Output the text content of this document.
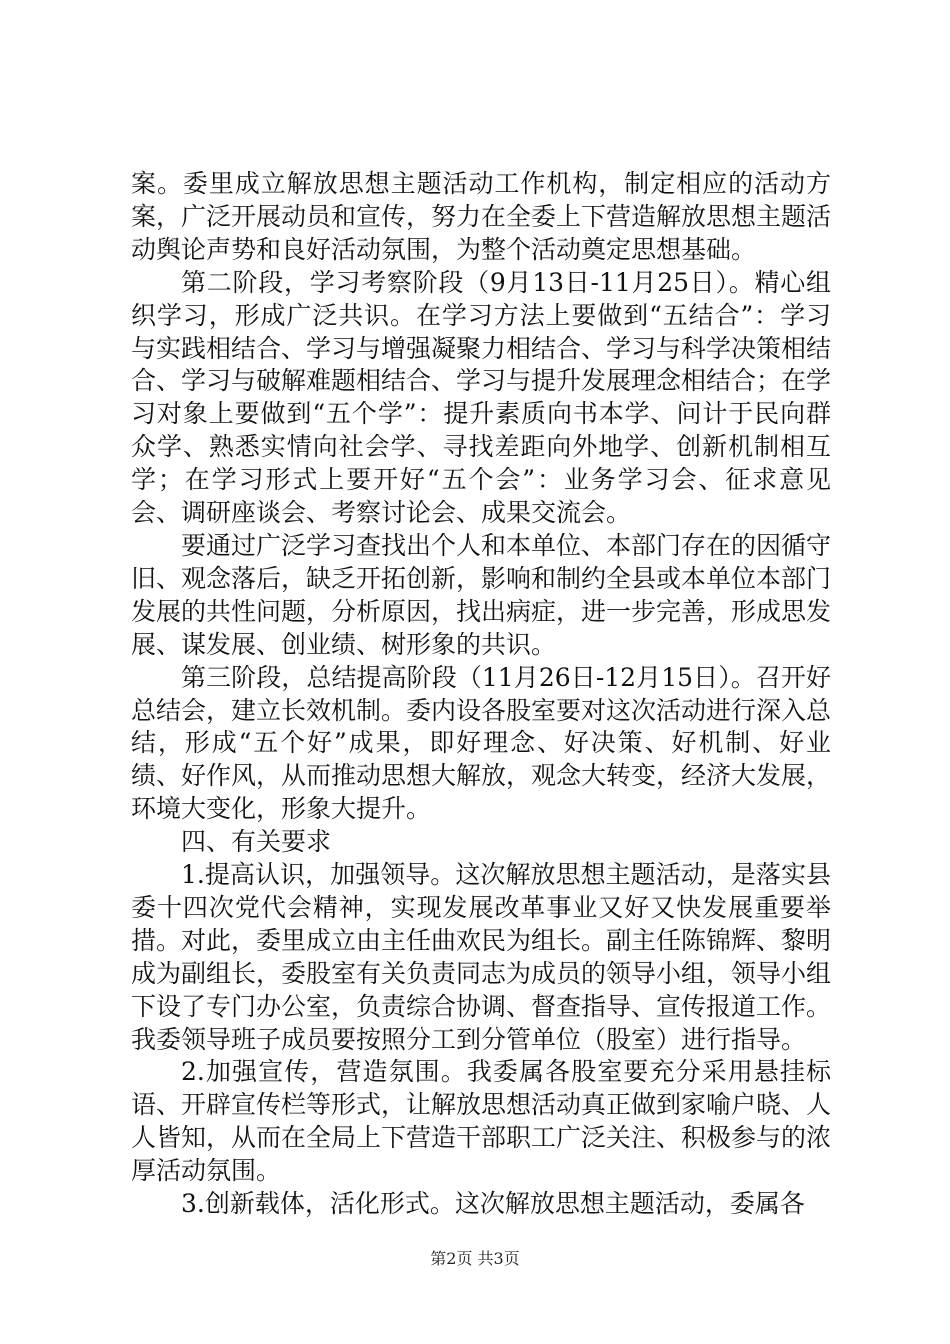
案。委里成立解放思想主题活动工作机构，制定相应的活动方案，广泛开展动员和宣传，努力在全委上下营造解放思想主题活动舆论声势和良好活动氛围，为整个活动奠定思想基础。

第二阶段，学习考察阶段（9月13日-11月25日）。精心组织学习，形成广泛共识。在学习方法上要做到“五结合”：学习与实践相结合、学习与增强凝聚力相结合、学习与科学决策相结合、学习与破解难题相结合、学习与提升发展理念相结合；在学习对象上要做到“五个学”：提升素质向书本学、问计于民向群众学、熟悉实情向社会学、寻找差距向外地学、创新机制相互学；在学习形式上要开好“五个会”：业务学习会、征求意见会、调研座谈会、考察讨论会、成果交流会。

要通过广泛学习查找出个人和本单位、本部门存在的因循守旧、观念落后，缺乏开拓创新，影响和制约全县或本单位本部门发展的共性问题，分析原因，找出病症，进一步完善，形成思发展、谋发展、创业绩、树形象的共识。

第三阶段，总结提高阶段（11月26日-12月15日）。召开好总结会，建立长效机制。委内设各股室要对这次活动进行深入总结，形成“五个好”成果，即好理念、好决策、好机制、好业绩、好作风，从而推动思想大解放，观念大转变，经济大发展，环境大变化，形象大提升。

四、有关要求

1.提高认识，加强领导。这次解放思想主题活动，是落实县委十四次党代会精神，实现发展改革事业又好又快发展重要举措。对此，委里成立由主任曲欢民为组长。副主任陈锦辉、黎明成为副组长，委股室有关负责同志为成员的领导小组，领导小组下设了专门办公室，负责综合协调、督查指导、宣传报道工作。我委领导班子成员要按照分工到分管单位（股室）进行指导。

2.加强宣传，营造氛围。我委属各股室要充分采用悬挂标语、开辟宣传栏等形式，让解放思想活动真正做到家喻户晓、人人皆知，从而在全局上下营造干部职工广泛关注、积极参与的浓厚活动氛围。

3.创新载体，活化形式。这次解放思想主题活动，委属各

第2页 共3页
